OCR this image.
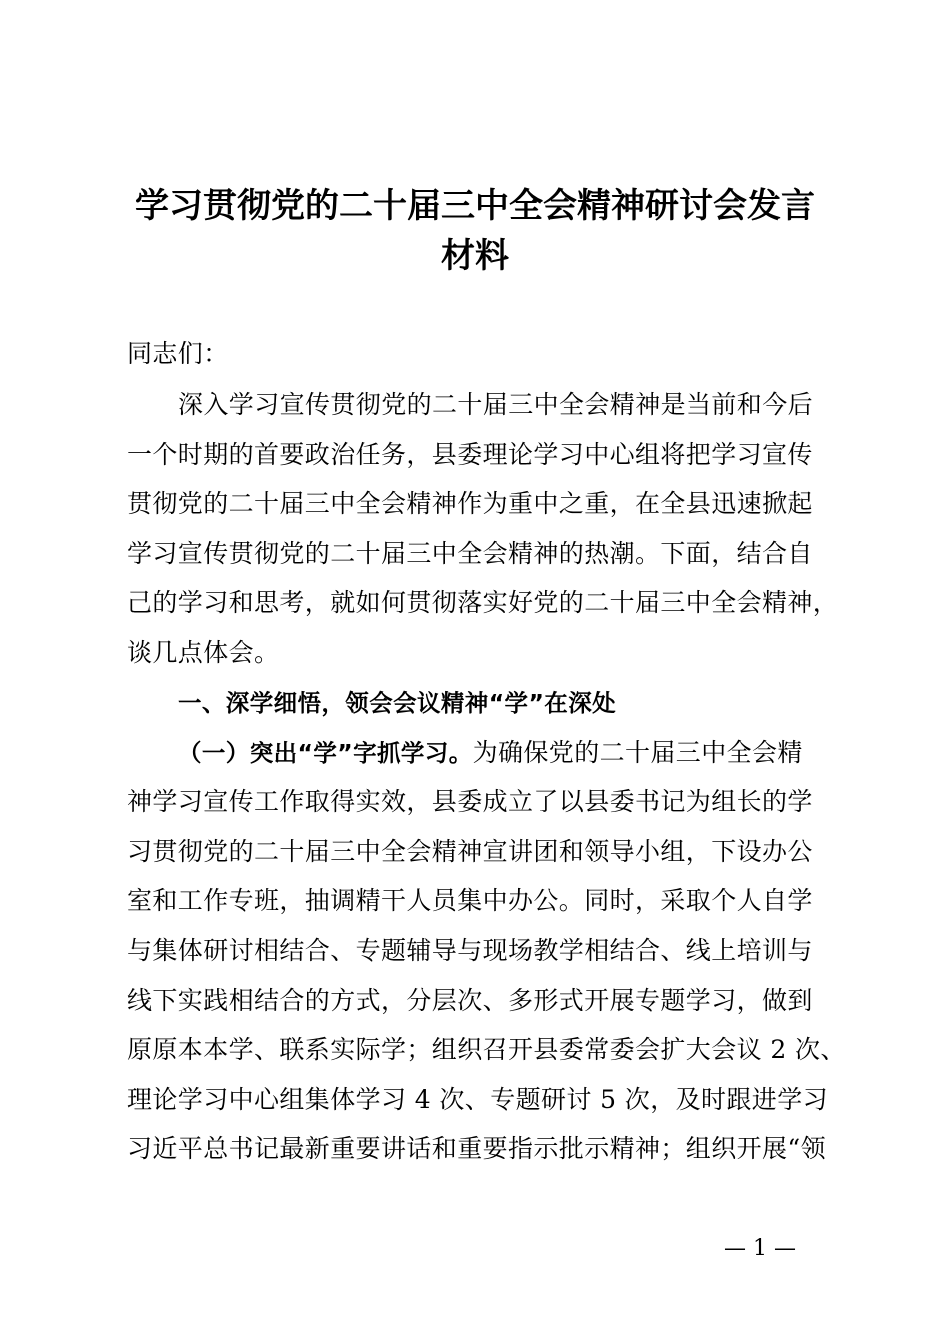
学习贯彻党的二十届三中全会精神研讨会发言
材料
同志们：
深入学习宣传贯彻党的二十届三中全会精神是当前和今后
一个时期的首要政治任务，县委理论学习中心组将把学习宣传
贯彻党的二十届三中全会精神作为重中之重，在全县迅速掀起
学习宣传贯彻党的二十届三中全会精神的热潮。下面，结合自
己的学习和思考，就如何贯彻落实好党的二十届三中全会精神，
谈几点体会。
一、深学细悟，领会会议精神“学”在深处
（一）突出“学”字抓学习。为确保党的二十届三中全会精
神学习宣传工作取得实效，县委成立了以县委书记为组长的学
习贯彻党的二十届三中全会精神宣讲团和领导小组，下设办公
室和工作专班，抽调精干人员集中办公。同时，采取个人自学
与集体研讨相结合、专题辅导与现场教学相结合、线上培训与
线下实践相结合的方式，分层次、多形式开展专题学习，做到
原原本本学、联系实际学；组织召开县委常委会扩大会议 2 次、
理论学习中心组集体学习 4 次、专题研讨 5 次，及时跟进学习
习近平总书记最新重要讲话和重要指示批示精神；组织开展“领
— 1 —
